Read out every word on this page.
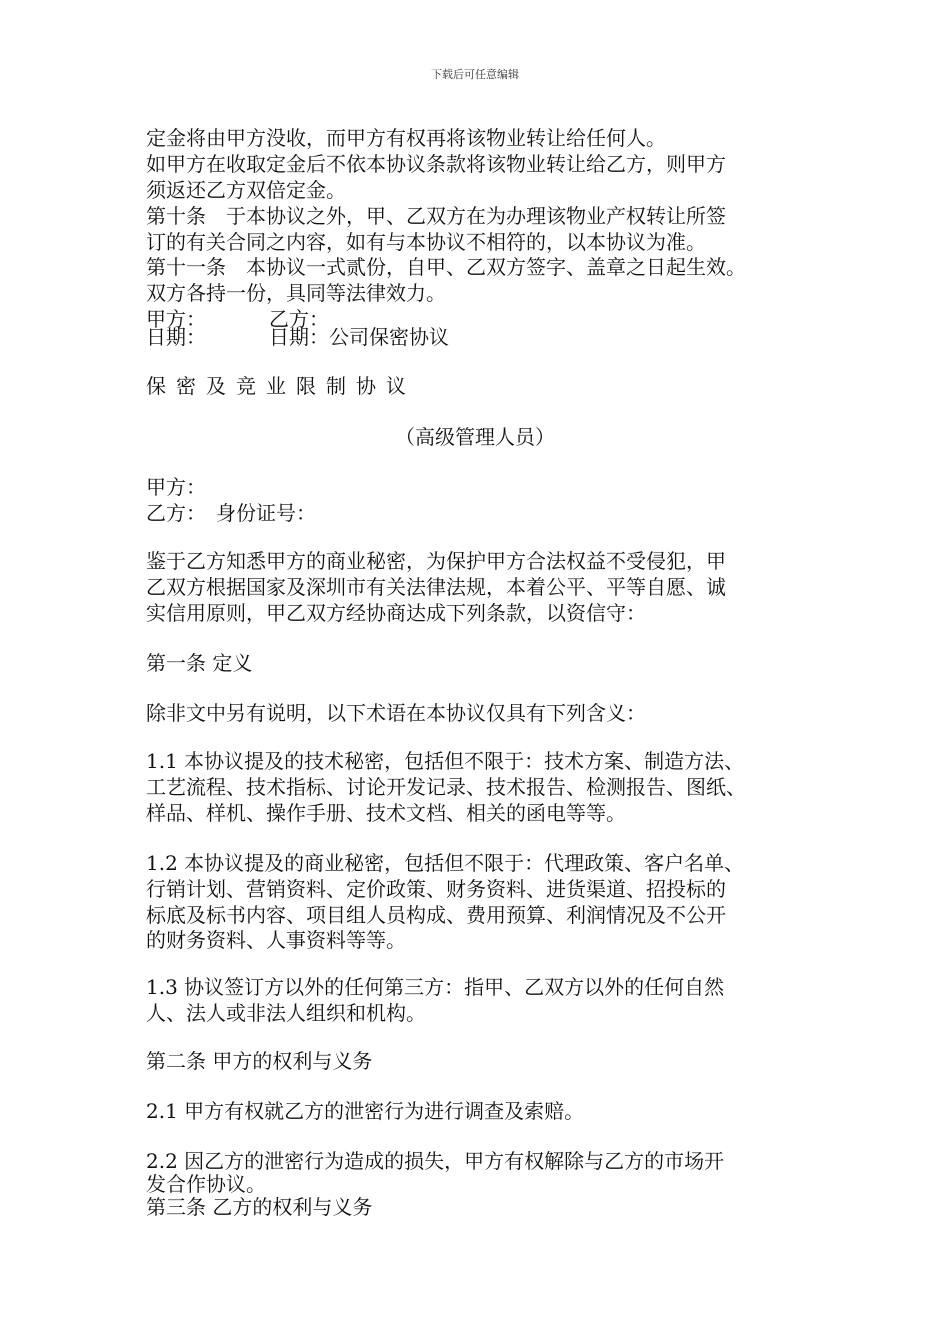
下载后可任意编辑
定金将由甲方没收，而甲方有权再将该物业转让给任何人。
如甲方在收取定金后不依本协议条款将该物业转让给乙方，则甲方
须返还乙方双倍定金。
第十条　于本协议之外，甲、乙双方在为办理该物业产权转让所签
订的有关合同之内容，如有与本协议不相符的，以本协议为准。
第十一条　本协议一式贰份，自甲、乙双方签字、盖章之日起生效。
双方各持一份，具同等法律效力。
甲方：	乙方：
日期：	日期：公司保密协议
保密及竞业限制协议
（高级管理人员）
甲方：
乙方：　身份证号：
鉴于乙方知悉甲方的商业秘密，为保护甲方合法权益不受侵犯，甲
乙双方根据国家及深圳市有关法律法规，本着公平、平等自愿、诚
实信用原则，甲乙双方经协商达成下列条款，以资信守：
第一条 定义
除非文中另有说明，以下术语在本协议仅具有下列含义：
1.1 本协议提及的技术秘密，包括但不限于：技术方案、制造方法、
工艺流程、技术指标、讨论开发记录、技术报告、检测报告、图纸、
样品、样机、操作手册、技术文档、相关的函电等等。
1.2 本协议提及的商业秘密，包括但不限于：代理政策、客户名单、
行销计划、营销资料、定价政策、财务资料、进货渠道、招投标的
标底及标书内容、项目组人员构成、费用预算、利润情况及不公开
的财务资料、人事资料等等。
1.3 协议签订方以外的任何第三方：指甲、乙双方以外的任何自然
人、法人或非法人组织和机构。
第二条 甲方的权利与义务
2.1 甲方有权就乙方的泄密行为进行调查及索赔。
2.2 因乙方的泄密行为造成的损失，甲方有权解除与乙方的市场开
发合作协议。
第三条 乙方的权利与义务
